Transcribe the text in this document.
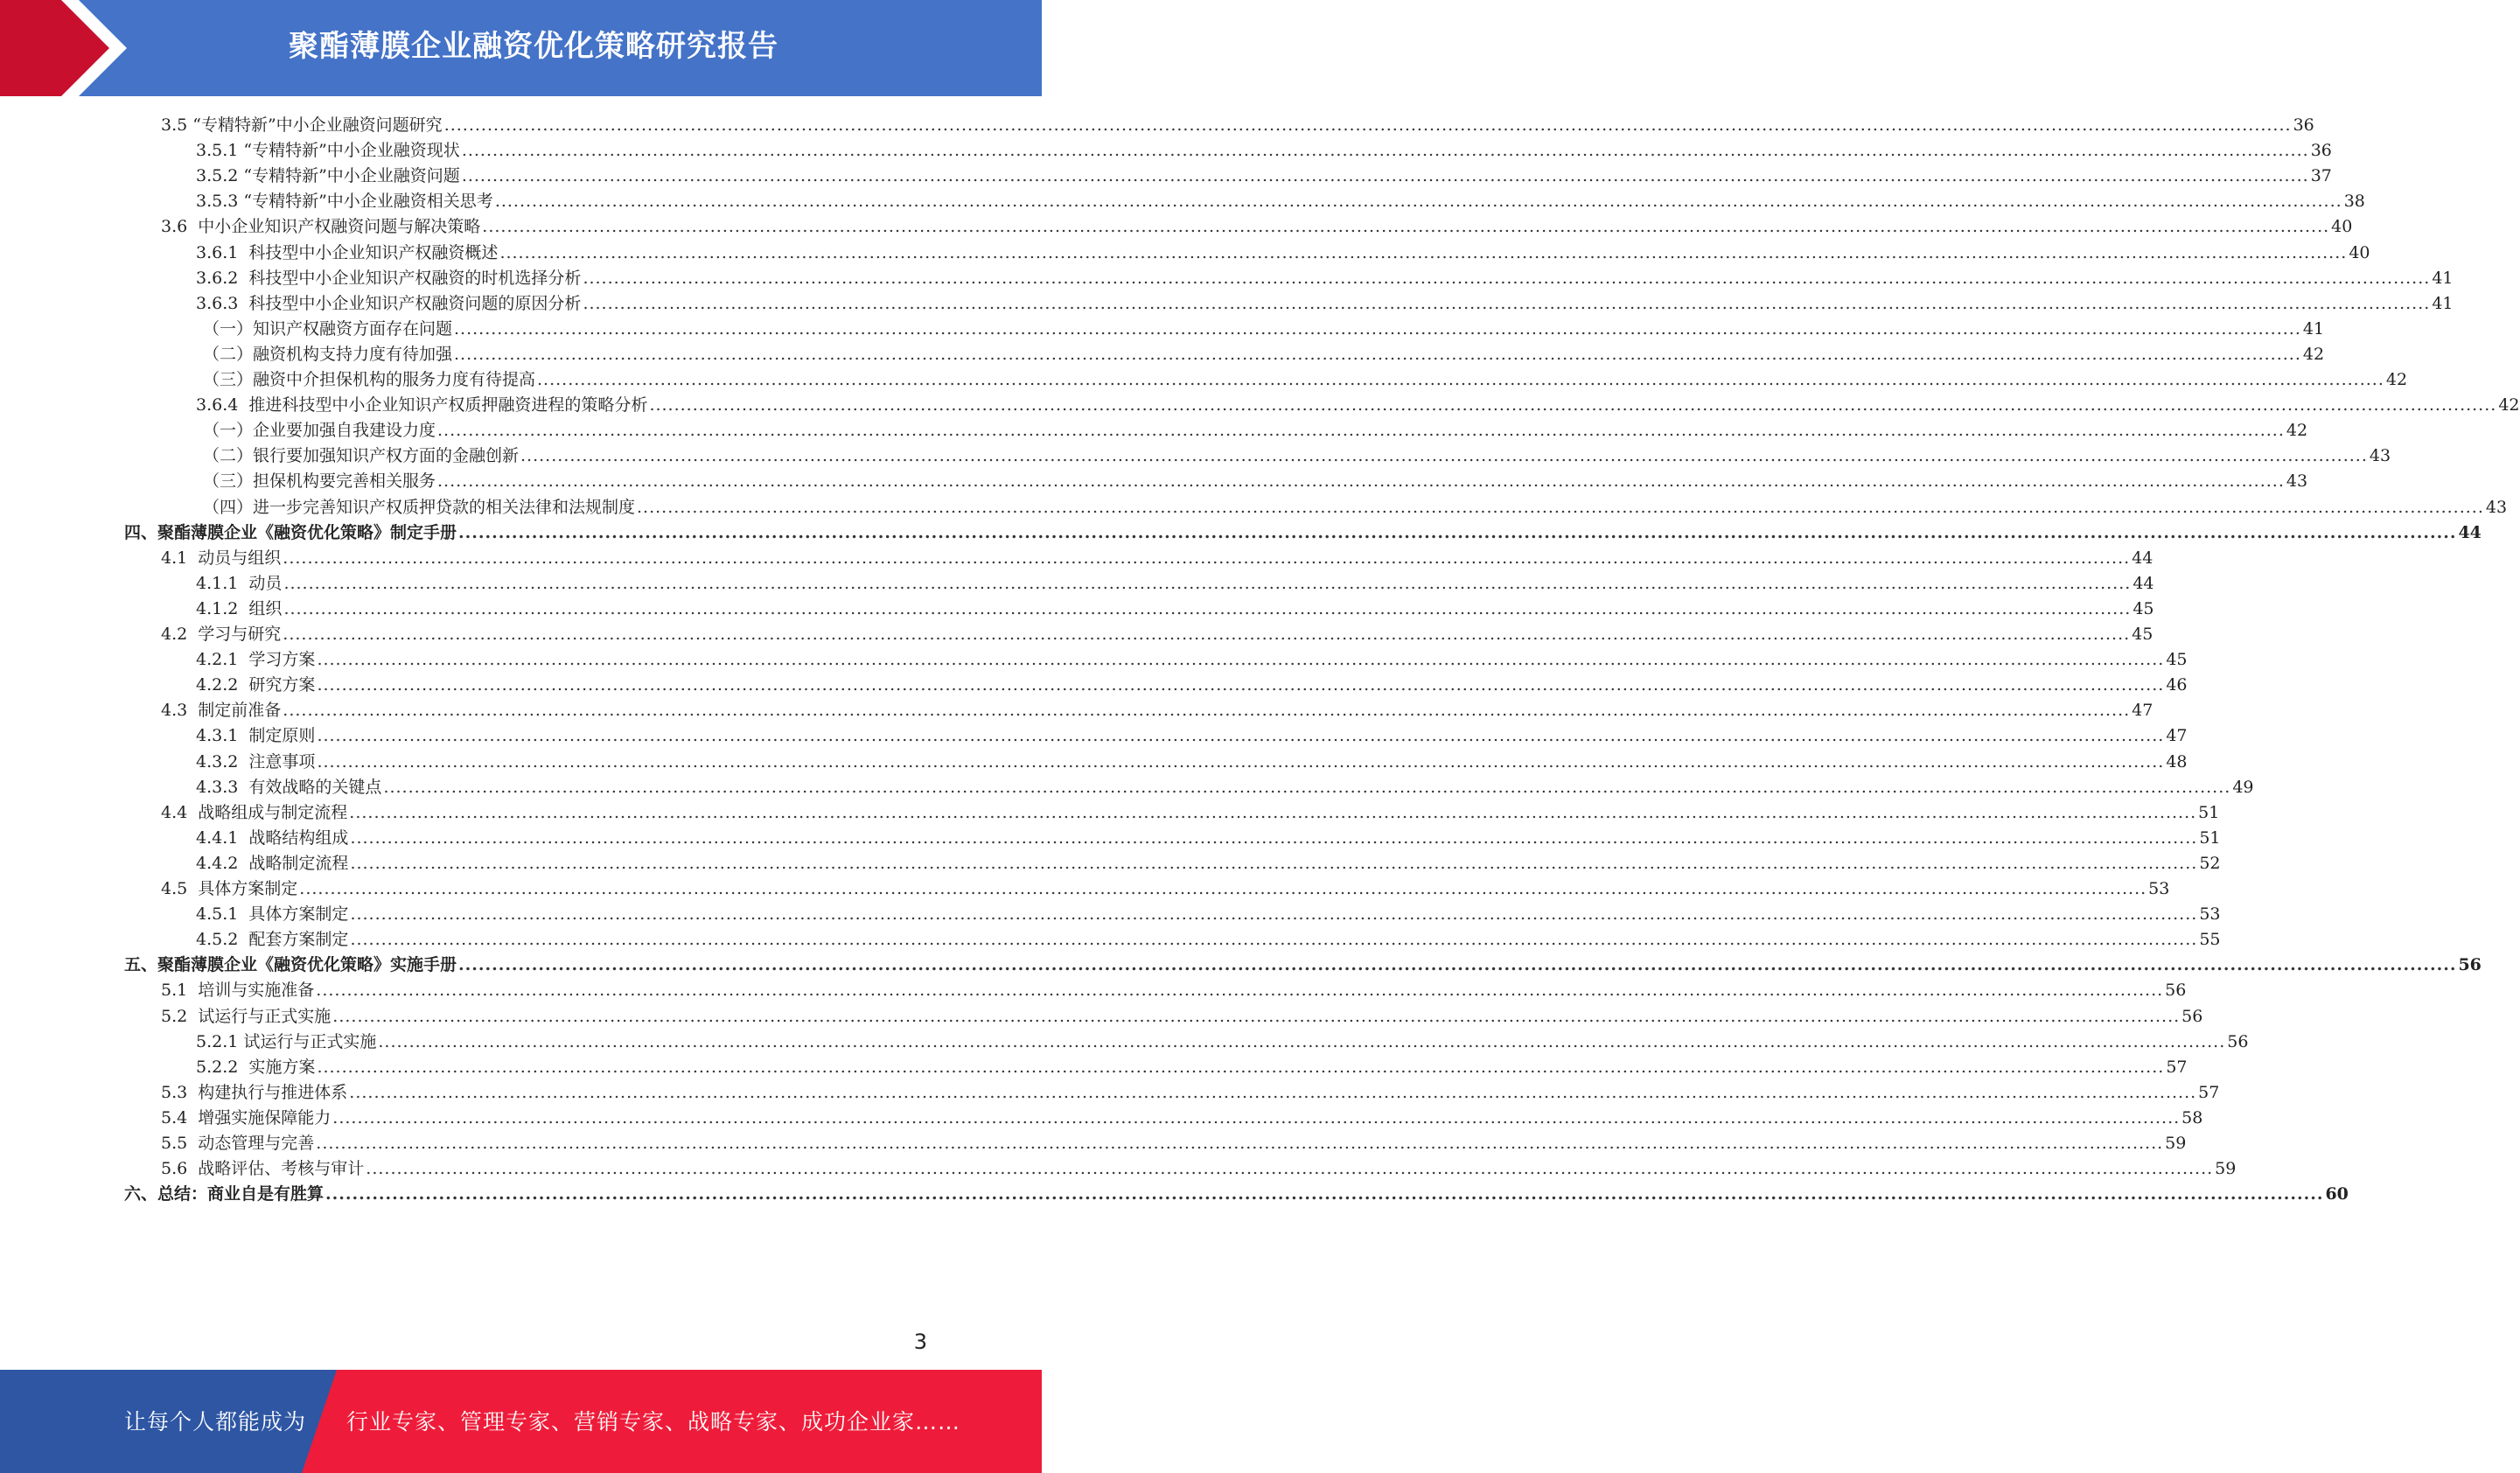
聚酯薄膜企业融资优化策略研究报告
3.5 “专精特新”中小企业融资问题研究 ............................................................................................................................................................................................................................................................................................................ 36
3.5.1 “专精特新”中小企业融资现状 ............................................................................................................................................................................................................................................................................................................ 36
3.5.2 “专精特新”中小企业融资问题 ............................................................................................................................................................................................................................................................................................................ 37
3.5.3 “专精特新”中小企业融资相关思考 ............................................................................................................................................................................................................................................................................................................ 38
3.6  中小企业知识产权融资问题与解决策略 ............................................................................................................................................................................................................................................................................................................ 40
3.6.1  科技型中小企业知识产权融资概述 ............................................................................................................................................................................................................................................................................................................ 40
3.6.2  科技型中小企业知识产权融资的时机选择分析 ............................................................................................................................................................................................................................................................................................................ 41
3.6.3  科技型中小企业知识产权融资问题的原因分析 ............................................................................................................................................................................................................................................................................................................ 41
（一）知识产权融资方面存在问题 ............................................................................................................................................................................................................................................................................................................ 41
（二）融资机构支持力度有待加强 ............................................................................................................................................................................................................................................................................................................ 42
（三）融资中介担保机构的服务力度有待提高 ............................................................................................................................................................................................................................................................................................................ 42
3.6.4  推进科技型中小企业知识产权质押融资进程的策略分析 ............................................................................................................................................................................................................................................................................................................ 42
（一）企业要加强自我建设力度 ............................................................................................................................................................................................................................................................................................................ 42
（二）银行要加强知识产权方面的金融创新 ............................................................................................................................................................................................................................................................................................................ 43
（三）担保机构要完善相关服务 ............................................................................................................................................................................................................................................................................................................ 43
（四）进一步完善知识产权质押贷款的相关法律和法规制度 ............................................................................................................................................................................................................................................................................................................ 43
四、聚酯薄膜企业《融资优化策略》制定手册 ............................................................................................................................................................................................................................................................................................................ 44
4.1  动员与组织 ............................................................................................................................................................................................................................................................................................................ 44
4.1.1  动员 ............................................................................................................................................................................................................................................................................................................ 44
4.1.2  组织 ............................................................................................................................................................................................................................................................................................................ 45
4.2  学习与研究 ............................................................................................................................................................................................................................................................................................................ 45
4.2.1  学习方案 ............................................................................................................................................................................................................................................................................................................ 45
4.2.2  研究方案 ............................................................................................................................................................................................................................................................................................................ 46
4.3  制定前准备 ............................................................................................................................................................................................................................................................................................................ 47
4.3.1  制定原则 ............................................................................................................................................................................................................................................................................................................ 47
4.3.2  注意事项 ............................................................................................................................................................................................................................................................................................................ 48
4.3.3  有效战略的关键点 ............................................................................................................................................................................................................................................................................................................ 49
4.4  战略组成与制定流程 ............................................................................................................................................................................................................................................................................................................ 51
4.4.1  战略结构组成 ............................................................................................................................................................................................................................................................................................................ 51
4.4.2  战略制定流程 ............................................................................................................................................................................................................................................................................................................ 52
4.5  具体方案制定 ............................................................................................................................................................................................................................................................................................................ 53
4.5.1  具体方案制定 ............................................................................................................................................................................................................................................................................................................ 53
4.5.2  配套方案制定 ............................................................................................................................................................................................................................................................................................................ 55
五、聚酯薄膜企业《融资优化策略》实施手册 ............................................................................................................................................................................................................................................................................................................ 56
5.1  培训与实施准备 ............................................................................................................................................................................................................................................................................................................ 56
5.2  试运行与正式实施 ............................................................................................................................................................................................................................................................................................................ 56
5.2.1 试运行与正式实施 ............................................................................................................................................................................................................................................................................................................ 56
5.2.2  实施方案 ............................................................................................................................................................................................................................................................................................................ 57
5.3  构建执行与推进体系 ............................................................................................................................................................................................................................................................................................................ 57
5.4  增强实施保障能力 ............................................................................................................................................................................................................................................................................................................ 58
5.5  动态管理与完善 ............................................................................................................................................................................................................................................................................................................ 59
5.6  战略评估、考核与审计 ............................................................................................................................................................................................................................................................................................................ 59
六、总结：商业自是有胜算 ............................................................................................................................................................................................................................................................................................................ 60
3
让每个人都能成为 行业专家、管理专家、营销专家、战略专家、成功企业家……
